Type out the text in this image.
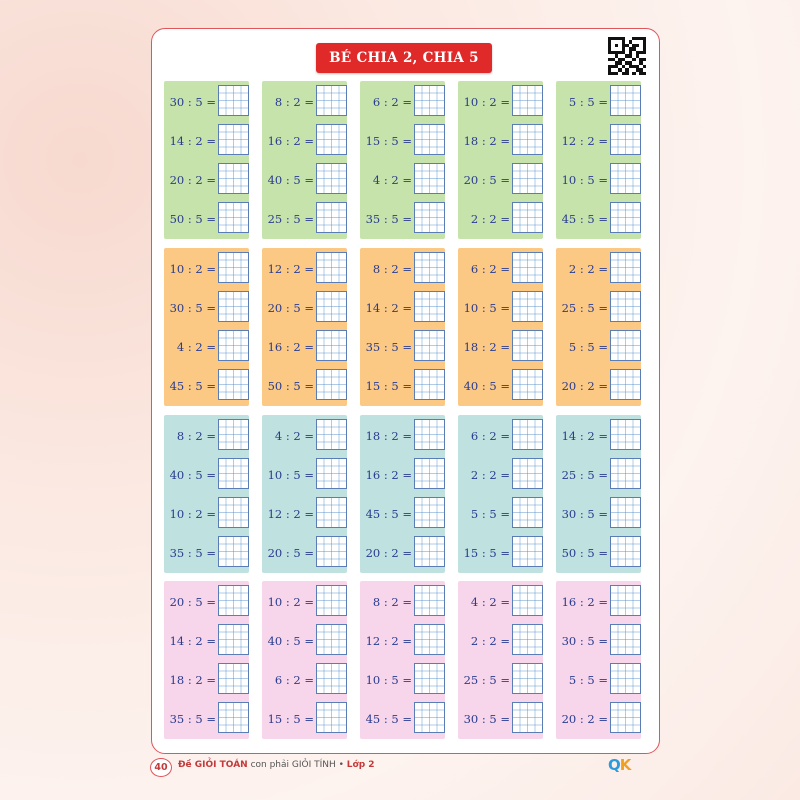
BÉ CHIA 2, CHIA 5
30 : 5 =
14 : 2 =
20 : 2 =
50 : 5 =
8 : 2 =
16 : 2 =
40 : 5 =
25 : 5 =
6 : 2 =
15 : 5 =
4 : 2 =
35 : 5 =
10 : 2 =
18 : 2 =
20 : 5 =
2 : 2 =
5 : 5 =
12 : 2 =
10 : 5 =
45 : 5 =
10 : 2 =
30 : 5 =
4 : 2 =
45 : 5 =
12 : 2 =
20 : 5 =
16 : 2 =
50 : 5 =
8 : 2 =
14 : 2 =
35 : 5 =
15 : 5 =
6 : 2 =
10 : 5 =
18 : 2 =
40 : 5 =
2 : 2 =
25 : 5 =
5 : 5 =
20 : 2 =
8 : 2 =
40 : 5 =
10 : 2 =
35 : 5 =
4 : 2 =
10 : 5 =
12 : 2 =
20 : 5 =
18 : 2 =
16 : 2 =
45 : 5 =
20 : 2 =
6 : 2 =
2 : 2 =
5 : 5 =
15 : 5 =
14 : 2 =
25 : 5 =
30 : 5 =
50 : 5 =
20 : 5 =
14 : 2 =
18 : 2 =
35 : 5 =
10 : 2 =
40 : 5 =
6 : 2 =
15 : 5 =
8 : 2 =
12 : 2 =
10 : 5 =
45 : 5 =
4 : 2 =
2 : 2 =
25 : 5 =
30 : 5 =
16 : 2 =
30 : 5 =
5 : 5 =
20 : 2 =
40	Đề GIỎI TOÁN con phải GIỎI TÍNH • Lớp 2	QK
